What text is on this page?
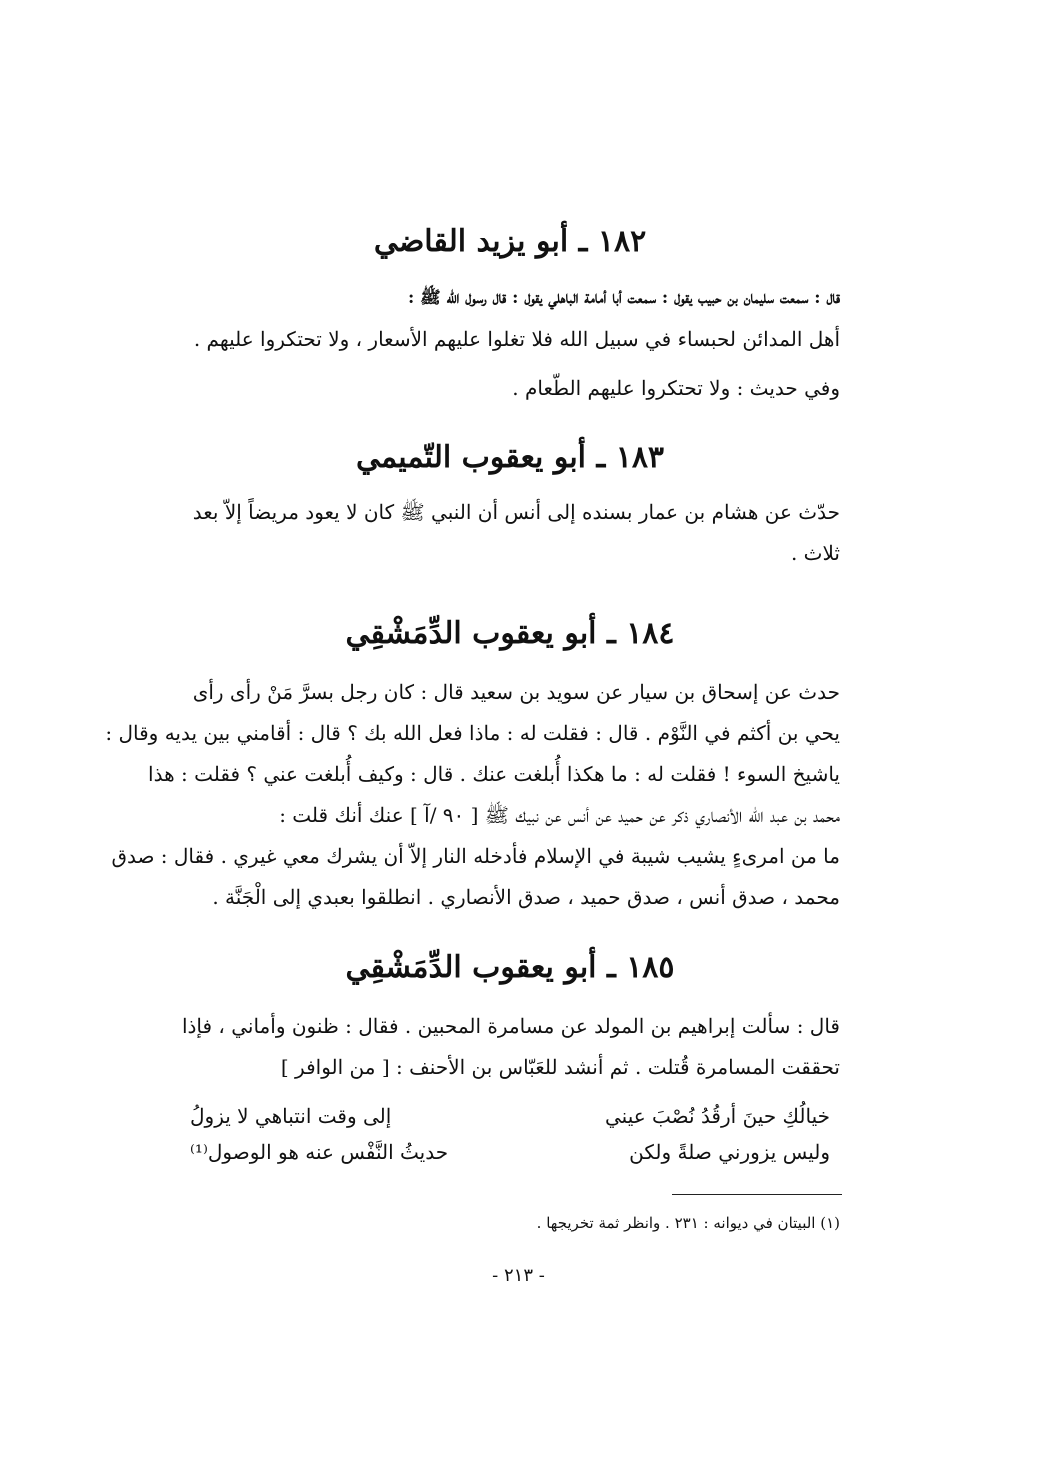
١٨٢ ـ أبو يزيد القاضي
قال : سمعت سليمان بن حبيب يقول : سمعت أبا أمامة الباهلي يقول : قال رسول الله ﷺ :
أهل المدائن لحبساء في سبيل الله فلا تغلوا عليهم الأسعار ، ولا تحتكروا عليهم .
وفي حديث : ولا تحتكروا عليهم الطّعام .
١٨٣ ـ أبو يعقوب التّميمي
حدّث عن هشام بن عمار بسنده إلى أنس أن النبي ﷺ كان لا يعود مريضاً إلاّ بعد
ثلاث .
١٨٤ ـ أبو يعقوب الدِّمَشْقِي
حدث عن إسحاق بن سيار عن سويد بن سعيد قال : كان رجل بسرَّ مَنْ رأى رأى
يحي بن أكثم في النَّوْم . قال : فقلت له : ماذا فعل الله بك ؟ قال : أقامني بين يديه وقال :
ياشيخ السوء ! فقلت له : ما هكذا أُبلغت عنك . قال : وكيف أُبلغت عني ؟ فقلت : هذا
محمد بن عبد الله الأنصاري ذكر عن حميد عن أنس عن نبيك ﷺ [ ٩٠ /آ ] عنك أنك قلت :
ما من امرىءٍ يشيب شيبة في الإسلام فأدخله النار إلاّ أن يشرك معي غيري . فقال : صدق
محمد ، صدق أنس ، صدق حميد ، صدق الأنصاري . انطلقوا بعبدي إلى الْجَنَّة .
١٨٥ ـ أبو يعقوب الدِّمَشْقِي
قال : سألت إبراهيم بن المولد عن مسامرة المحبين . فقال : ظنون وأماني ، فإذا
تحققت المسامرة قُتلت . ثم أنشد للعَبّاس بن الأحنف : [ من الوافر ]
خيالُكِ حينَ أرقُدُ نُصْبَ عيني
إلى وقت انتباهي لا يزولُ
وليس يزورني صلةً ولكن
حديثُ النَّفْس عنه هو الوصول⁽¹⁾
(١) البيتان في ديوانه : ٢٣١ . وانظر ثمة تخريجها .
- ٢١٣ -
